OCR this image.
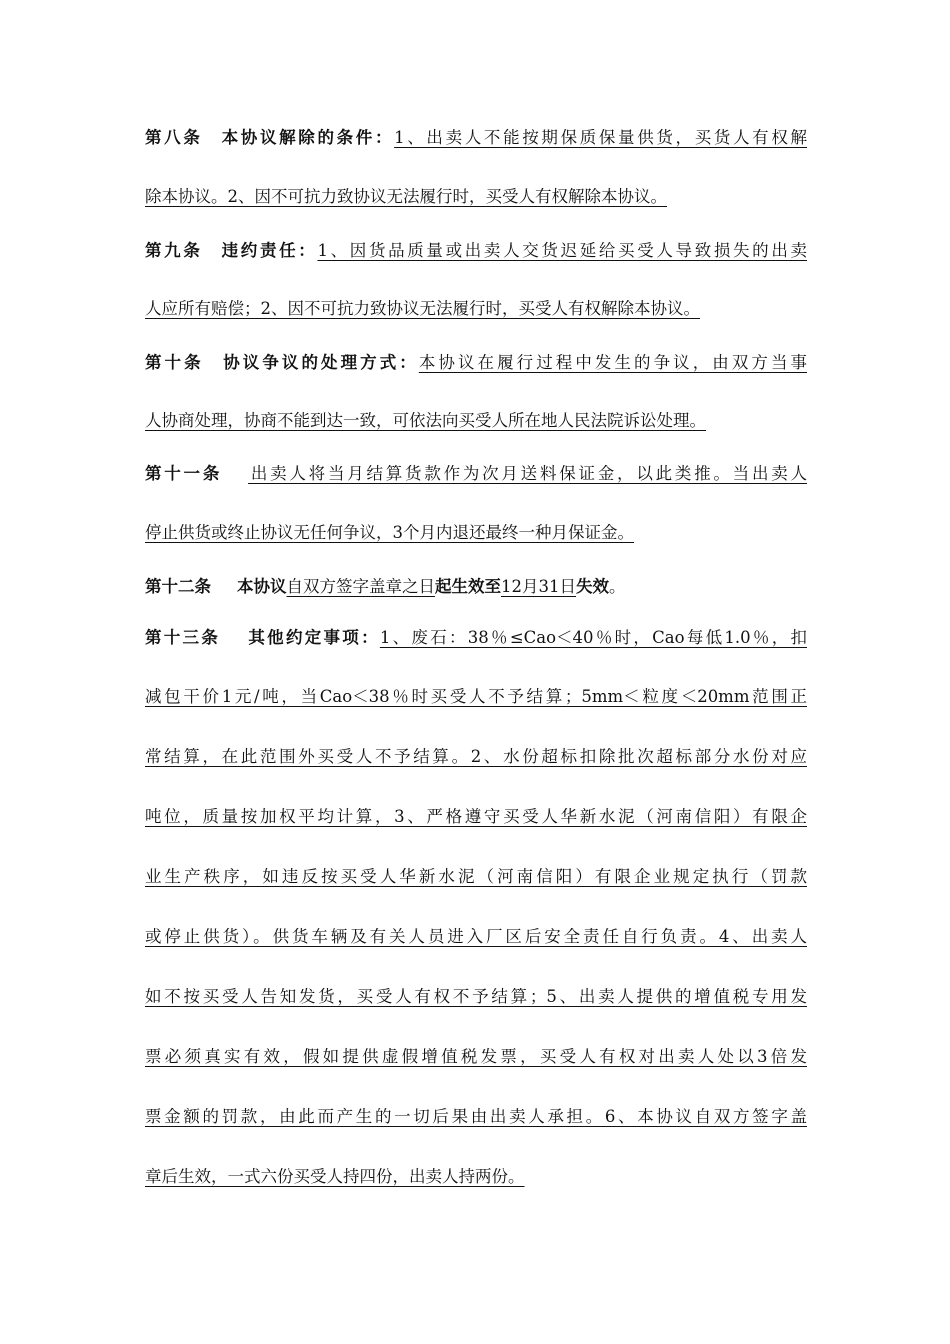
第八条　本协议解除的条件：1、出卖人不能按期保质保量供货，买货人有权解
除本协议。2、因不可抗力致协议无法履行时，买受人有权解除本协议。
第九条　违约责任：1、因货品质量或出卖人交货迟延给买受人导致损失的出卖
人应所有赔偿；2、因不可抗力致协议无法履行时，买受人有权解除本协议。
第十条　协议争议的处理方式：本协议在履行过程中发生的争议，由双方当事
人协商处理，协商不能到达一致，可依法向买受人所在地人民法院诉讼处理。
第十一条 出卖人将当月结算货款作为次月送料保证金，以此类推。当出卖人
停止供货或终止协议无任何争议，3个月内退还最终一种月保证金。
第十二条 本协议自双方签字盖章之日起生效至12月31日失效。
第十三条 其他约定事项：1、废石：38％≤Cao＜40％时，Cao每低1.0％，扣
减包干价1元/吨，当Cao＜38％时买受人不予结算；5mm＜粒度＜20mm范围正
常结算，在此范围外买受人不予结算。2、水份超标扣除批次超标部分水份对应
吨位，质量按加权平均计算，3、严格遵守买受人华新水泥（河南信阳）有限企
业生产秩序，如违反按买受人华新水泥（河南信阳）有限企业规定执行（罚款
或停止供货）。供货车辆及有关人员进入厂区后安全责任自行负责。4、出卖人
如不按买受人告知发货，买受人有权不予结算；5、出卖人提供的增值税专用发
票必须真实有效，假如提供虚假增值税发票，买受人有权对出卖人处以3倍发
票金额的罚款，由此而产生的一切后果由出卖人承担。6、本协议自双方签字盖
章后生效，一式六份买受人持四份，出卖人持两份。
